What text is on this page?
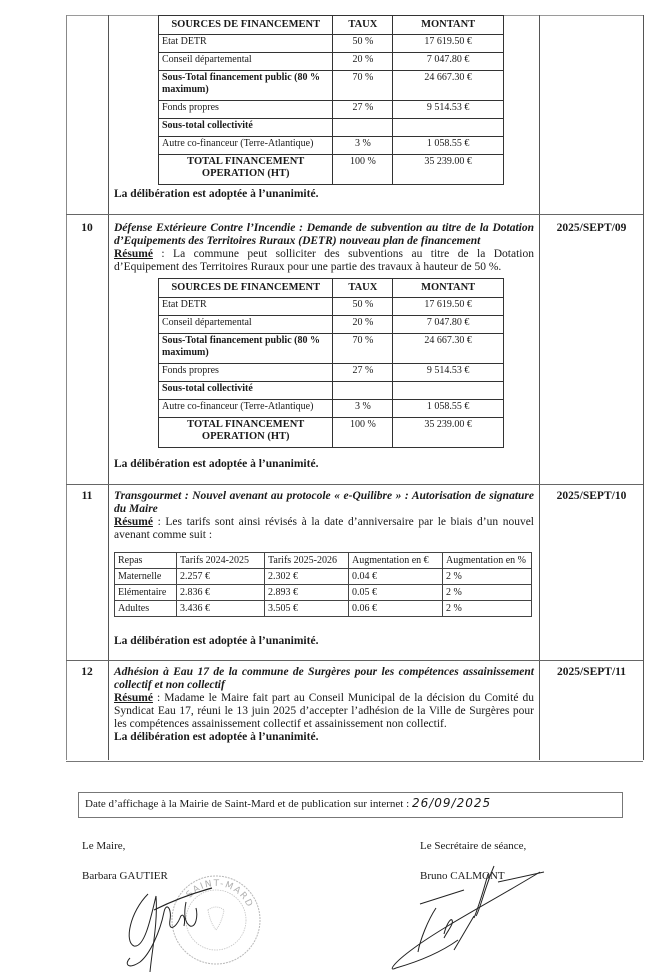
SOURCES DE FINANCEMENT	TAUX	MONTANT
Etat DETR	50 %	17 619.50 €
Conseil départemental	20 %	7 047.80 €
Sous-Total financement public (80 % maximum)	70 %	24 667.30 €
Fonds propres	27 %	9 514.53 €
Sous-total collectivité		
Autre co-financeur (Terre-Atlantique)	3 %	1 058.55 €
TOTAL FINANCEMENT OPERATION (HT)	100 %	35 239.00 €
La délibération est adoptée à l’unanimité.
10	2025/SEPT/09
Défense Extérieure Contre l’Incendie : Demande de subvention au titre de la Dotation d’Equipements des Territoires Ruraux (DETR) nouveau plan de financement
Résumé : La commune peut solliciter des subventions au titre de la Dotation d’Equipement des Territoires Ruraux pour une partie des travaux à hauteur de 50 %.
SOURCES DE FINANCEMENT	TAUX	MONTANT
Etat DETR	50 %	17 619.50 €
Conseil départemental	20 %	7 047.80 €
Sous-Total financement public (80 % maximum)	70 %	24 667.30 €
Fonds propres	27 %	9 514.53 €
Sous-total collectivité		
Autre co-financeur (Terre-Atlantique)	3 %	1 058.55 €
TOTAL FINANCEMENT OPERATION (HT)	100 %	35 239.00 €
La délibération est adoptée à l’unanimité.
11	2025/SEPT/10
Transgourmet : Nouvel avenant au protocole « e-Quilibre » : Autorisation de signature du Maire
Résumé : Les tarifs sont ainsi révisés à la date d’anniversaire par le biais d’un nouvel avenant comme suit :
Repas	Tarifs 2024-2025	Tarifs 2025-2026	Augmentation en €	Augmentation en %
Maternelle	2.257 €	2.302 €	0.04 €	2 %
Elémentaire	2.836 €	2.893 €	0.05 €	2 %
Adultes	3.436 €	3.505 €	0.06 €	2 %
La délibération est adoptée à l’unanimité.
12	2025/SEPT/11
Adhésion à Eau 17 de la commune de Surgères pour les compétences assainissement collectif et non collectif
Résumé : Madame le Maire fait part au Conseil Municipal de la décision du Comité du Syndicat Eau 17, réuni le 13 juin 2025 d’accepter l’adhésion de la Ville de Surgères pour les compétences assainissement collectif et assainissement non collectif.
La délibération est adoptée à l’unanimité.
Date d’affichage à la Mairie de Saint-Mard et de publication sur internet : 26/09/2025
Le Maire,
Barbara GAUTIER
Le Secrétaire de séance,
Bruno CALMONT
SAINT-MARD
